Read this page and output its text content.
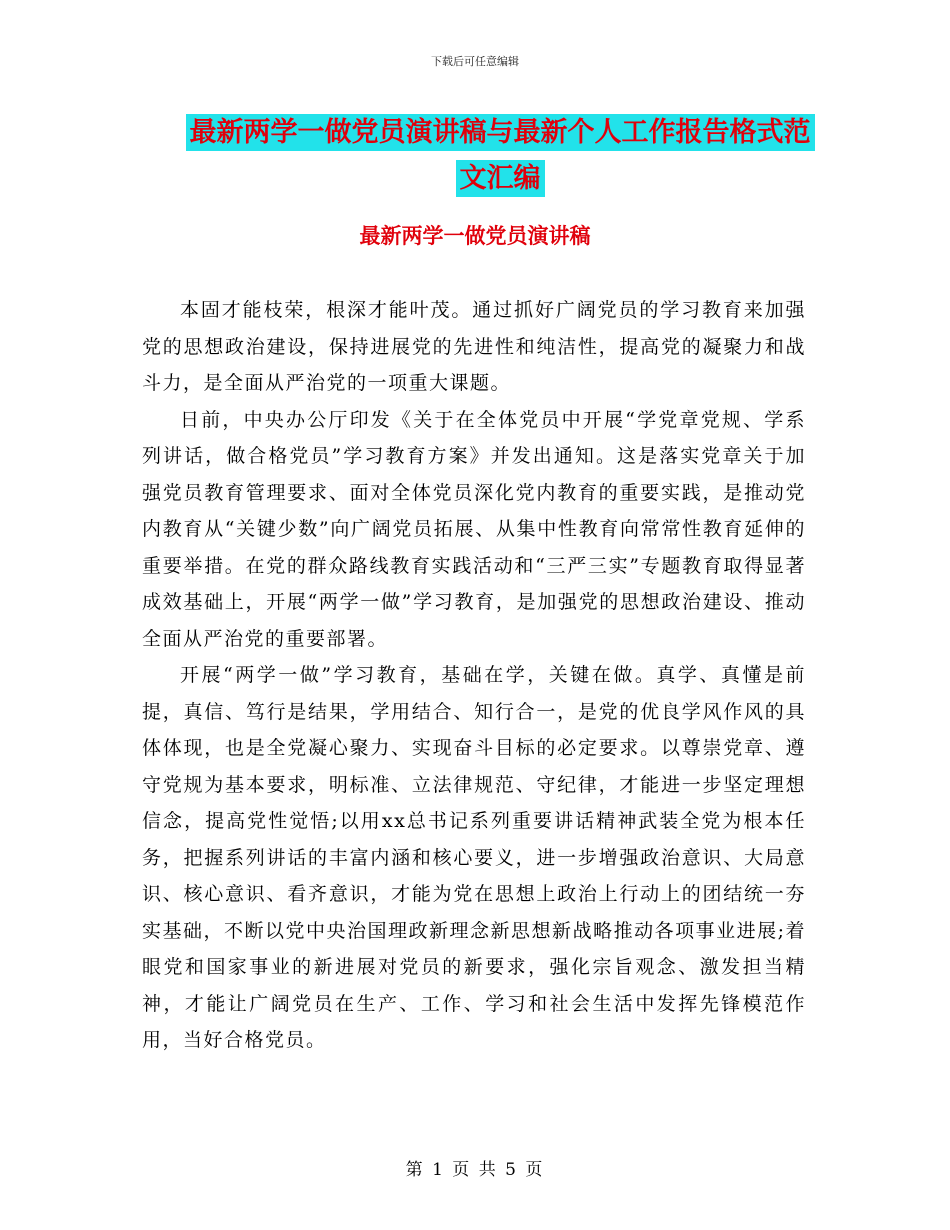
下载后可任意编辑
最新两学一做党员演讲稿与最新个人工作报告格式范
文汇编
最新两学一做党员演讲稿

本固才能枝荣，根深才能叶茂。通过抓好广阔党员的学习教育来加强党的思想政治建设，保持进展党的先进性和纯洁性，提高党的凝聚力和战斗力，是全面从严治党的一项重大课题。

日前，中央办公厅印发《关于在全体党员中开展“学党章党规、学系列讲话，做合格党员”学习教育方案》并发出通知。这是落实党章关于加强党员教育管理要求、面对全体党员深化党内教育的重要实践，是推动党内教育从“关键少数”向广阔党员拓展、从集中性教育向常常性教育延伸的重要举措。在党的群众路线教育实践活动和“三严三实”专题教育取得显著成效基础上，开展“两学一做”学习教育，是加强党的思想政治建设、推动全面从严治党的重要部署。

开展“两学一做”学习教育，基础在学，关键在做。真学、真懂是前提，真信、笃行是结果，学用结合、知行合一，是党的优良学风作风的具体体现，也是全党凝心聚力、实现奋斗目标的必定要求。以尊崇党章、遵守党规为基本要求，明标准、立法律规范、守纪律，才能进一步坚定理想信念，提高党性觉悟;以用xx总书记系列重要讲话精神武装全党为根本任务，把握系列讲话的丰富内涵和核心要义，进一步增强政治意识、大局意识、核心意识、看齐意识，才能为党在思想上政治上行动上的团结统一夯实基础，不断以党中央治国理政新理念新思想新战略推动各项事业进展;着眼党和国家事业的新进展对党员的新要求，强化宗旨观念、激发担当精神，才能让广阔党员在生产、工作、学习和社会生活中发挥先锋模范作用，当好合格党员。

第 1 页 共 5 页
